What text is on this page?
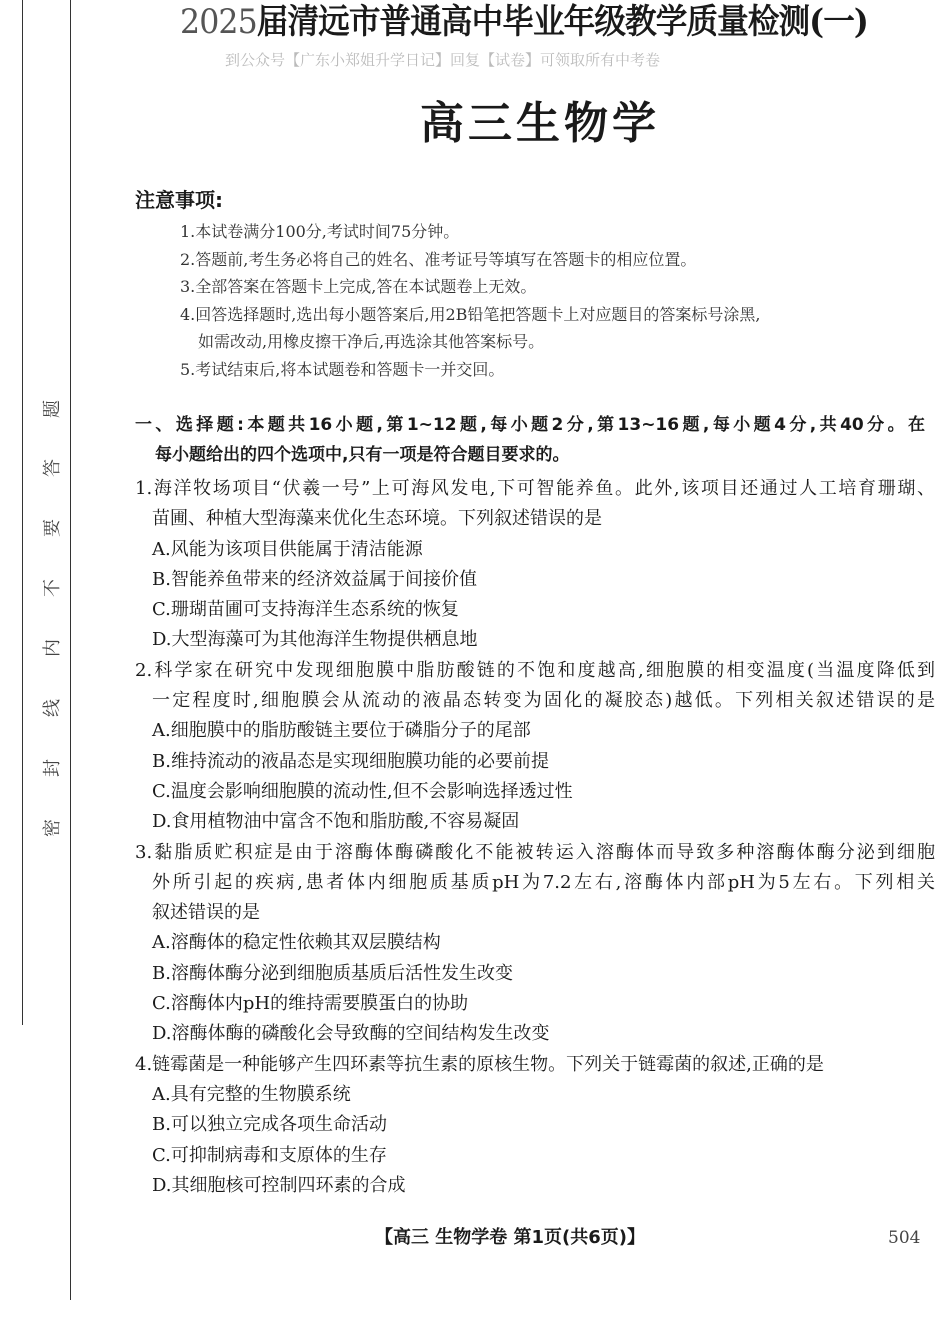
题
答
要
不
内
线
封
密
2025届清远市普通高中毕业年级教学质量检测(一)
到公众号【广东小郑姐升学日记】回复【试卷】可领取所有中考卷
高三生物学
注意事项:
1.本试卷满分100分,考试时间75分钟。
2.答题前,考生务必将自己的姓名、准考证号等填写在答题卡的相应位置。
3.全部答案在答题卡上完成,答在本试题卷上无效。
4.回答选择题时,选出每小题答案后,用2B铅笔把答题卡上对应题目的答案标号涂黑,
如需改动,用橡皮擦干净后,再选涂其他答案标号。
5.考试结束后,将本试题卷和答题卡一并交回。
一、选择题:本题共16小题,第1~12题,每小题2分,第13~16题,每小题4分,共40分。在
每小题给出的四个选项中,只有一项是符合题目要求的。
1.海洋牧场项目“伏羲一号”上可海风发电,下可智能养鱼。此外,该项目还通过人工培育珊瑚、
苗圃、种植大型海藻来优化生态环境。下列叙述错误的是
A.风能为该项目供能属于清洁能源
B.智能养鱼带来的经济效益属于间接价值
C.珊瑚苗圃可支持海洋生态系统的恢复
D.大型海藻可为其他海洋生物提供栖息地
2.科学家在研究中发现细胞膜中脂肪酸链的不饱和度越高,细胞膜的相变温度(当温度降低到
一定程度时,细胞膜会从流动的液晶态转变为固化的凝胶态)越低。下列相关叙述错误的是
A.细胞膜中的脂肪酸链主要位于磷脂分子的尾部
B.维持流动的液晶态是实现细胞膜功能的必要前提
C.温度会影响细胞膜的流动性,但不会影响选择透过性
D.食用植物油中富含不饱和脂肪酸,不容易凝固
3.黏脂质贮积症是由于溶酶体酶磷酸化不能被转运入溶酶体而导致多种溶酶体酶分泌到细胞
外所引起的疾病,患者体内细胞质基质pH为7.2左右,溶酶体内部pH为5左右。下列相关
叙述错误的是
A.溶酶体的稳定性依赖其双层膜结构
B.溶酶体酶分泌到细胞质基质后活性发生改变
C.溶酶体内pH的维持需要膜蛋白的协助
D.溶酶体酶的磷酸化会导致酶的空间结构发生改变
4.链霉菌是一种能够产生四环素等抗生素的原核生物。下列关于链霉菌的叙述,正确的是
A.具有完整的生物膜系统
B.可以独立完成各项生命活动
C.可抑制病毒和支原体的生存
D.其细胞核可控制四环素的合成
【高三 生物学卷 第1页(共6页)】	504
